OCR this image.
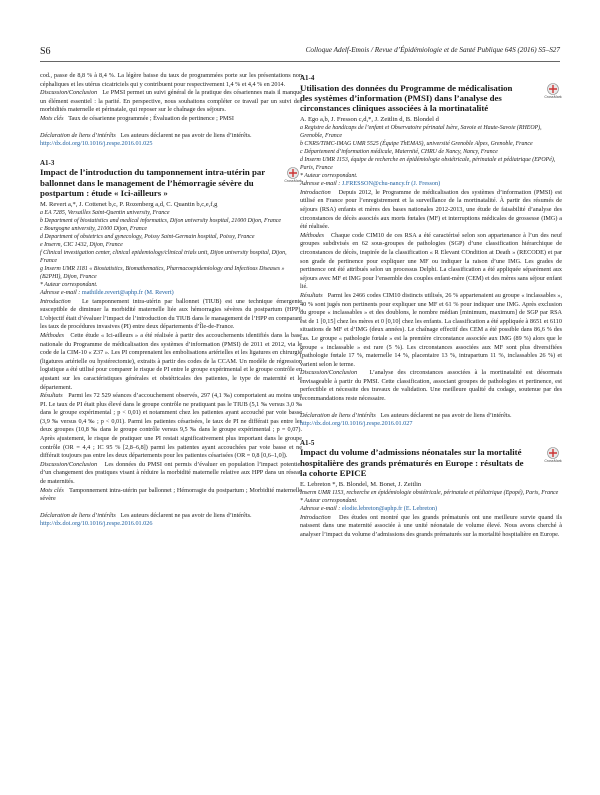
S6	Colloque Adelf-Emois / Revue d’Épidémiologie et de Santé Publique 64S (2016) S5–S27

cod., passe de 8,8 % à 8,4 %. La légère baisse du taux de programmées porte sur les présentations non céphaliques et les utérus cicatriciels qui y contribuent pour respectivement 1,4 % et 4,4 % en 2014.

Discussion/Conclusion Le PMSI permet un suivi général de la pratique des césariennes mais il manque un élément essentiel : la parité. En perspective, nous souhaitons compléter ce travail par un suivi des morbidités maternelle et périnatale, qui reposer sur le chaînage des séjours.

Mots clés Taux de césarienne programmée ; Évaluation de pertinence ; PMSI

Déclaration de liens d’intérêts Les auteurs déclarent ne pas avoir de liens d’intérêts.

http://dx.doi.org/10.1016/j.respe.2016.01.025

A1-3
Impact de l’introduction du tamponnement intra-utérin par ballonnet dans le management de l’hémorragie sévère du postpartum : étude « Ici-ailleurs »
CrossMark
M. Revert a,*, J. Cottenet b,c, P. Rozenberg a,d, C. Quantin b,c,e,f,g
a EA 7285, Versailles Saint-Quentin university, France
b Department of biostatistics and medical informatics, Dijon university hospital, 21000 Dijon, France
c Bourgogne university, 21000 Dijon, France
d Department of obstetrics and gynecology, Poissy Saint-Germain hospital, Poissy, France
e Inserm, CIC 1432, Dijon, France
f Clinical investigation center, clinical epidemiology/clinical trials unit, Dijon university hospital, Dijon, France
g Inserm UMR 1181 « Biostatistics, Biomathematics, Pharmacoepidemiology and Infectious Diseases » (B2PHI), Dijon, France
* Auteur correspondant.

Adresse e-mail : mathilde.revert@aphp.fr (M. Revert)

Introduction Le tamponnement intra-utérin par ballonnet (TIUB) est une technique émergente susceptible de diminuer la morbidité maternelle liée aux hémorragies sévères du postpartum (HPP). L’objectif était d’évaluer l’impact de l’introduction du TIUB dans le management de l’HPP en comparant les taux de procédures invasives (PI) entre deux départements d’Île-de-France.

Méthodes Cette étude « Ici-ailleurs » a été réalisée à partir des accouchements identifiés dans la base nationale du Programme de médicalisation des systèmes d’information (PMSI) de 2011 et 2012, via le code de la CIM-10 « Z37 ». Les PI comprenaient les embolisations artérielles et les ligatures en chirurgie (ligatures artérielle ou hystérectomie), extraits à partir des codes de la CCAM. Un modèle de régression logistique a été utilisé pour comparer le risque de PI entre le groupe expérimental et le groupe contrôle en ajustant sur les caractéristiques générales et obstétricales des patientes, le type de maternité et le département.

Résultats Parmi les 72 529 séances d’accouchement observés, 297 (4,1 ‰) comportaient au moins une PI. Le taux de PI était plus élevé dans le groupe contrôle ne pratiquant pas le TIUB (5,1 ‰ versus 3,0 ‰ dans le groupe expérimental ; p < 0,01) et notamment chez les patientes ayant accouché par voie basse (3,9 ‰ versus 0,4 ‰ ; p < 0,01). Parmi les patientes césarisées, le taux de PI ne différait pas entre les deux groupes (10,8 ‰ dans le groupe contrôle versus 9,5 ‰ dans le groupe expérimental ; p = 0,07). Après ajustement, le risque de pratiquer une PI restait significativement plus important dans le groupe contrôle (OR = 4,4 ; IC 95 % [2,8–6,8]) parmi les patientes ayant accouchées par voie basse et ne différait toujours pas entre les deux départements pour les patientes césarisées (OR = 0,8 [0,6–1,0]).

Discussion/Conclusion Les données du PMSI ont permis d’évaluer en population l’impact potentiel d’un changement des pratiques visant à réduire la morbidité maternelle relative aux HPP dans un réseau de maternités.

Mots clés Tamponnement intra-utérin par ballonnet ; Hémorragie du postpartum ; Morbidité maternelle sévère

Déclaration de liens d’intérêts Les auteurs déclarent ne pas avoir de liens d’intérêts.

http://dx.doi.org/10.1016/j.respe.2016.01.026

A1-4
Utilisation des données du Programme de médicalisation des systèmes d’information (PMSI) dans l’analyse des circonstances cliniques associées à la mortinatalité
CrossMark
A. Ego a,b, J. Fresson c,d,*, J. Zeitlin d, B. Blondel d
a Registre de handicaps de l’enfant et Observatoire périnatal Isère, Savoie et Haute-Savoie (RHEOP), Grenoble, France
b CNRS/TIMC-IMAG UMR 5525 (Équipe ThEMAS), université Grenoble Alpes, Grenoble, France
c Département d’information médicale, Maternité, CHRU de Nancy, Nancy, France
d Inserm UMR 1153, équipe de recherche en épidémiologie obstétricale, périnatale et pédiatrique (EPOPé), Paris, France
* Auteur correspondant.

Adresse e-mail : J.FRESSON@chu-nancy.fr (J. Fresson)

Introduction Depuis 2012, le Programme de médicalisation des systèmes d’information (PMSI) est utilisé en France pour l’enregistrement et la surveillance de la mortinatalité. À partir des résumés de séjours (RSA) enfants et mères des bases nationales 2012-2013, une étude de faisabilité d’analyse des circonstances de décès associés aux morts fœtales (MF) et interruptions médicales de grossesse (IMG) a été réalisée.

Méthodes Chaque code CIM10 de ces RSA a été caractérisé selon son appartenance à l’un des neuf groupes subdivisés en 62 sous-groupes de pathologies (SGP) d’une classification hiérarchique de circonstances de décès, inspirée de la classification « R Elevant COndition at Death » (RECODE) et par son grade de pertinence pour expliquer une MF ou indiquer la raison d’une IMG. Les grades de pertinence ont été attribués selon un processus Delphi. La classification a été appliquée séparément aux séjours avec MF et IMG pour l’ensemble des couples enfant-mère (CEM) et des mères sans séjour enfant lié.

Résultats Parmi les 2466 codes CIM10 distincts utilisés, 26 % appartenaient au groupe « inclassables », 40 % sont jugés non pertinents pour expliquer une MF et 61 % pour indiquer une IMG. Après exclusion du groupe « inclassables » et des doublons, le nombre médian [minimum, maximum] de SGP par RSA est de 1 [0,15] chez les mères et 0 [0,10] chez les enfants. La classification a été appliquée à 8651 et 6110 situations de MF et d’IMG (deux années). Le chaînage effectif des CEM a été possible dans 86,6 % des cas. Le groupe « pathologie fœtale » est la première circonstance associée aux IMG (89 %) alors que le groupe « inclassable » est rare (5 %). Les circonstances associées aux MF sont plus diversifiées (pathologie fœtale 17 %, maternelle 14 %, placentaire 13 %, intrapartum 11 %, inclassables 26 %) et varient selon le terme.

Discussion/Conclusion L’analyse des circonstances associées à la mortinatalité est désormais envisageable à partir du PMSI. Cette classification, associant groupes de pathologies et pertinence, est perfectible et nécessite des travaux de validation. Une meilleure qualité du codage, soutenue par des recommandations reste nécessaire.

Déclaration de liens d’intérêts Les auteurs déclarent ne pas avoir de liens d’intérêts.

http://dx.doi.org/10.1016/j.respe.2016.01.027

A1-5
Impact du volume d’admissions néonatales sur la mortalité hospitalière des grands prématurés en Europe : résultats de la cohorte EPICE
CrossMark
E. Lebreton *, B. Blondel, M. Bonet, J. Zeitlin
Inserm UMR 1153, recherche en épidémiologie obstétricale, périnatale et pédiatrique (Epopé), Paris, France
* Auteur correspondant.

Adresse e-mail : elodie.lebreton@aphp.fr (E. Lebreton)

Introduction Des études ont montré que les grands prématurés ont une meilleure survie quand ils naissent dans une maternité associée à une unité néonatale de volume élevé. Nous avons cherché à analyser l’impact du volume d’admissions des grands prématurés sur la mortalité hospitalière en Europe.
